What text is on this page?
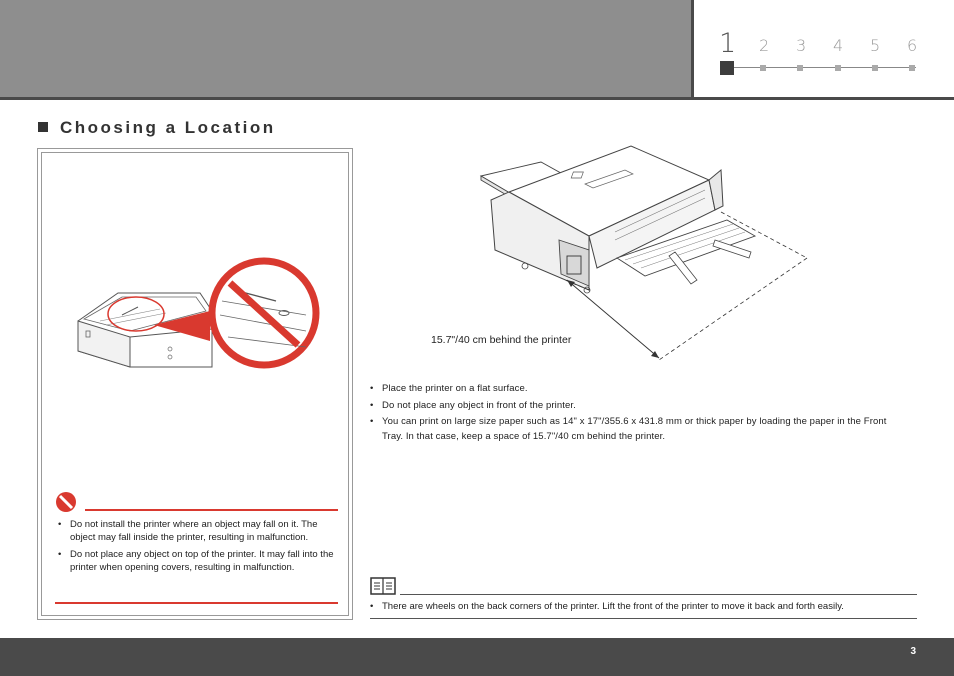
1 2 3 4 5 6
Choosing a Location
• Do not install the printer where an object may fall on it. The object may fall inside the printer, resulting in malfunction.
• Do not place any object on top of the printer. It may fall into the printer when opening covers, resulting in malfunction.
15.7"/40 cm behind the printer
• Place the printer on a flat surface.
• Do not place any object in front of the printer.
• You can print on large size paper such as 14" x 17"/355.6 x 431.8 mm or thick paper by loading the paper in the Front Tray. In that case, keep a space of 15.7"/40 cm behind the printer.
• There are wheels on the back corners of the printer. Lift the front of the printer to move it back and forth easily.
3
